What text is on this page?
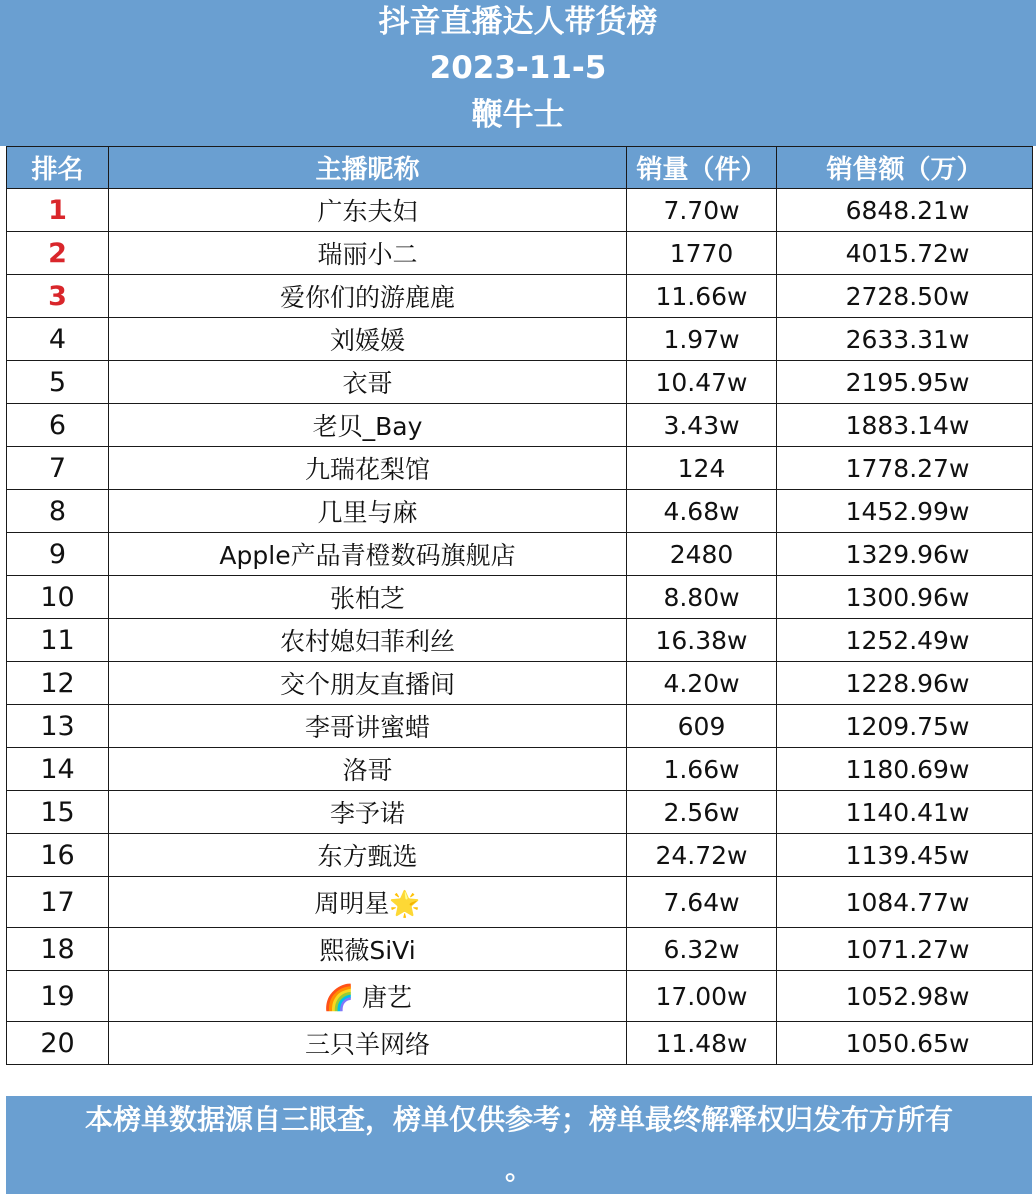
抖音直播达人带货榜
2023-11-5
鞭牛士
排名	主播昵称	销量（件）	销售额（万）
1	广东夫妇	7.70w	6848.21w
2	瑞丽小二	1770	4015.72w
3	爱你们的游鹿鹿	11.66w	2728.50w
4	刘媛媛	1.97w	2633.31w
5	衣哥	10.47w	2195.95w
6	老贝_Bay	3.43w	1883.14w
7	九瑞花梨馆	124	1778.27w
8	几里与麻	4.68w	1452.99w
9	Apple产品青橙数码旗舰店	2480	1329.96w
10	张柏芝	8.80w	1300.96w
11	农村媳妇菲利丝	16.38w	1252.49w
12	交个朋友直播间	4.20w	1228.96w
13	李哥讲蜜蜡	609	1209.75w
14	洛哥	1.66w	1180.69w
15	李予诺	2.56w	1140.41w
16	东方甄选	24.72w	1139.45w
17	周明星🌟	7.64w	1084.77w
18	熙薇SiVi	6.32w	1071.27w
19	🌈 唐艺	17.00w	1052.98w
20	三只羊网络	11.48w	1050.65w
本榜单数据源自三眼查，榜单仅供参考；榜单最终解释权归发布方所有
。
